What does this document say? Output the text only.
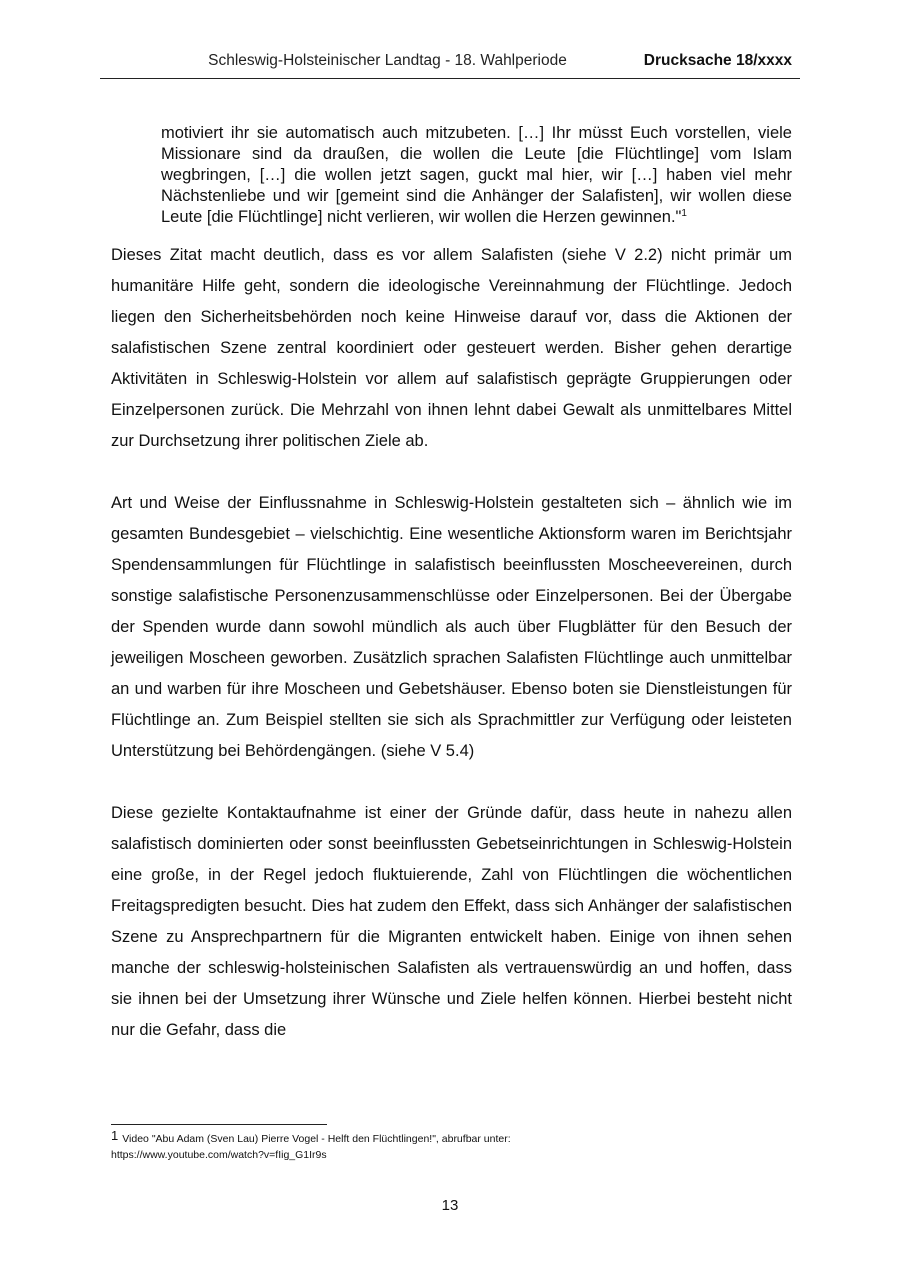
Schleswig-Holsteinischer Landtag - 18. Wahlperiode	Drucksache 18/xxxx
motiviert ihr sie automatisch auch mitzubeten. […] Ihr müsst Euch vorstellen, viele Missionare sind da draußen, die wollen die Leute [die Flüchtlinge] vom Islam wegbringen, […] die wollen jetzt sagen, guckt mal hier, wir […] haben viel mehr Nächstenliebe und wir [gemeint sind die Anhänger der Salafisten], wir wollen diese Leute [die Flüchtlinge] nicht verlieren, wir wollen die Herzen gewinnen."$^1$

Dieses Zitat macht deutlich, dass es vor allem Salafisten (siehe V 2.2) nicht primär um humanitäre Hilfe geht, sondern die ideologische Vereinnahmung der Flüchtlinge. Jedoch liegen den Sicherheitsbehörden noch keine Hinweise darauf vor, dass die Aktionen der salafistischen Szene zentral koordiniert oder gesteuert werden. Bisher gehen derartige Aktivitäten in Schleswig-Holstein vor allem auf salafistisch geprägte Gruppierungen oder Einzelpersonen zurück. Die Mehrzahl von ihnen lehnt dabei Gewalt als unmittelbares Mittel zur Durchsetzung ihrer politischen Ziele ab.

Art und Weise der Einflussnahme in Schleswig-Holstein gestalteten sich – ähnlich wie im gesamten Bundesgebiet – vielschichtig. Eine wesentliche Aktionsform waren im Berichtsjahr Spendensammlungen für Flüchtlinge in salafistisch beeinflussten Moscheevereinen, durch sonstige salafistische Personenzusammenschlüsse oder Einzelpersonen. Bei der Übergabe der Spenden wurde dann sowohl mündlich als auch über Flugblätter für den Besuch der jeweiligen Moscheen geworben. Zusätzlich sprachen Salafisten Flüchtlinge auch unmittelbar an und warben für ihre Moscheen und Gebetshäuser. Ebenso boten sie Dienstleistungen für Flüchtlinge an. Zum Beispiel stellten sie sich als Sprachmittler zur Verfügung oder leisteten Unterstützung bei Behördengängen. (siehe V 5.4)

Diese gezielte Kontaktaufnahme ist einer der Gründe dafür, dass heute in nahezu allen salafistisch dominierten oder sonst beeinflussten Gebetseinrichtungen in Schleswig-Holstein eine große, in der Regel jedoch fluktuierende, Zahl von Flüchtlingen die wöchentlichen Freitagspredigten besucht. Dies hat zudem den Effekt, dass sich Anhänger der salafistischen Szene zu Ansprechpartnern für die Migranten entwickelt haben. Einige von ihnen sehen manche der schleswig-holsteinischen Salafisten als vertrauenswürdig an und hoffen, dass sie ihnen bei der Umsetzung ihrer Wünsche und Ziele helfen können. Hierbei besteht nicht nur die Gefahr, dass die

1 Video "Abu Adam (Sven Lau) Pierre Vogel - Helft den Flüchtlingen!", abrufbar unter:
https://www.youtube.com/watch?v=fIig_G1Ir9s
13
